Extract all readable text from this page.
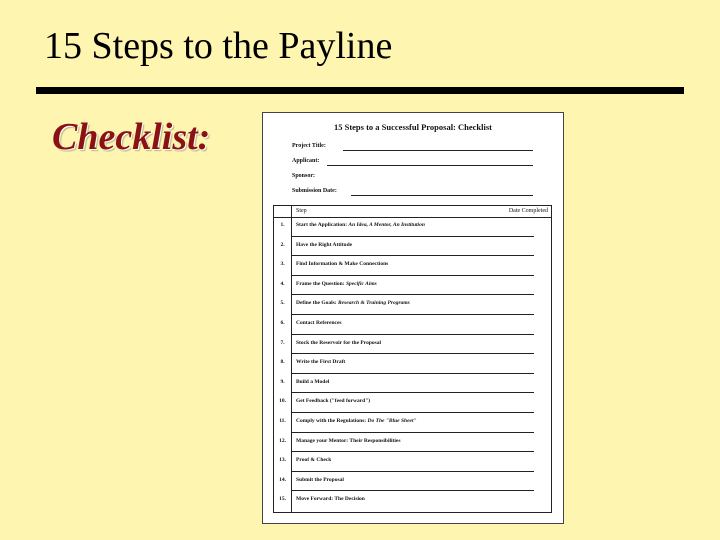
15 Steps to the Payline
Checklist:	15 Steps to a Successful Proposal: Checklist
Project Title:
Applicant:
Sponsor:
Submission Date:
Step	Date Completed
1.	Start the Application: An Idea, A Mentor, An Institution
2.	Have the Right Attitude
3.	Find Information & Make Connections
4.	Frame the Question: Specific Aims
5.	Define the Goals: Research & Training Programs
6.	Contact References
7.	Stock the Reservoir for the Proposal
8.	Write the First Draft
9.	Build a Model
10.	Get Feedback ("feed forward")
11.	Comply with the Regulations: Do The "Blue Sheet"
12.	Manage your Mentor: Their Responsibilities
13.	Proof & Check
14.	Submit the Proposal
15.	Move Forward: The Decision
